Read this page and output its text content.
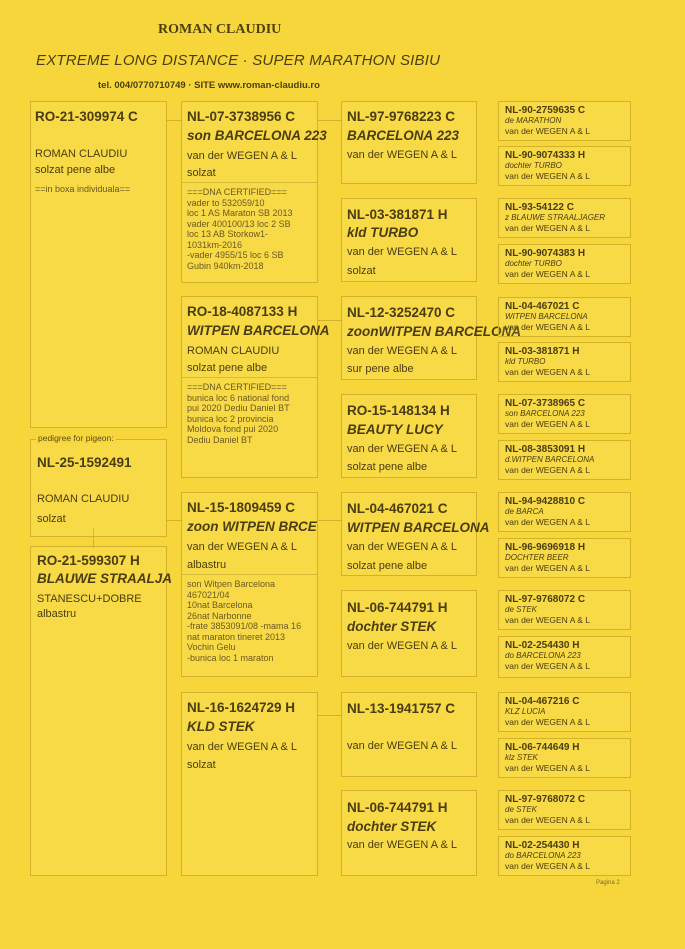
ROMAN CLAUDIU
EXTREME LONG DISTANCE · SUPER MARATHON SIBIU
tel. 004/0770710749 · SITE www.roman-claudiu.ro
RO-21-309974 C
ROMAN CLAUDIU
solzat pene albe
==in boxa individuala==
NL-25-1592491
ROMAN CLAUDIU
solzat
pedigree for pigeon:
RO-21-599307 H
BLAUWE STRAALJA
STANESCU+DOBRE
albastru
NL-07-3738956 C
son BARCELONA 223
van der WEGEN A & L
solzat
===DNA CERTIFIED===
vader to 532059/10
loc 1 AS Maraton SB 2013
vader 400100/13 loc 2 SB
loc 13 AB Storkow1-
1031km-2016
-vader 4955/15 loc 6 SB
Gubin 940km-2018
RO-18-4087133 H
WITPEN BARCELONA
ROMAN CLAUDIU
solzat pene albe
===DNA CERTIFIED===
bunica loc 6 national fond
pui 2020 Dediu Daniel BT
bunica loc 2 provincia
Moldova fond pui 2020
Dediu Daniel BT
NL-15-1809459 C
zoon WITPEN BRCE
van der WEGEN A & L
albastru
son Witpen Barcelona
467021/04
10nat Barcelona
26nat Narbonne
-frate 3853091/08 -mama 16
nat maraton tineret 2013
Vochin Gelu
-bunica loc 1 maraton
NL-16-1624729 H
KLD STEK
van der WEGEN A & L
solzat
NL-97-9768223 C
BARCELONA 223
van der WEGEN A & L
NL-03-381871 H
kld TURBO
van der WEGEN A & L
solzat
NL-12-3252470 C
zoonWITPEN BARCELONA
van der WEGEN A & L
sur pene albe
RO-15-148134 H
BEAUTY LUCY
van der WEGEN A & L
solzat pene albe
NL-04-467021 C
WITPEN BARCELONA
van der WEGEN A & L
solzat pene albe
NL-06-744791 H
dochter STEK
van der WEGEN A & L
NL-13-1941757 C
van der WEGEN A & L
NL-06-744791 H
dochter STEK
van der WEGEN A & L
NL-90-2759635 C
de MARATHON
van der WEGEN A & L
NL-90-9074333 H
dochter TURBO
van der WEGEN A & L
NL-93-54122 C
z BLAUWE STRAALJAGER
van der WEGEN A & L
NL-90-9074383 H
dochter TURBO
van der WEGEN A & L
NL-04-467021 C
WITPEN BARCELONA
van der WEGEN A & L
NL-03-381871 H
kld TURBO
van der WEGEN A & L
NL-07-3738965 C
son BARCELONA 223
van der WEGEN A & L
NL-08-3853091 H
d.WITPEN BARCELONA
van der WEGEN A & L
NL-94-9428810 C
de BARCA
van der WEGEN A & L
NL-96-9696918 H
DOCHTER BEER
van der WEGEN A & L
NL-97-9768072 C
de STEK
van der WEGEN A & L
NL-02-254430 H
do BARCELONA 223
van der WEGEN A & L
NL-04-467216 C
KLZ LUCIA
van der WEGEN A & L
NL-06-744649 H
klz STEK
van der WEGEN A & L
NL-97-9768072 C
de STEK
van der WEGEN A & L
NL-02-254430 H
do BARCELONA 223
van der WEGEN A & L
Pagina 2
